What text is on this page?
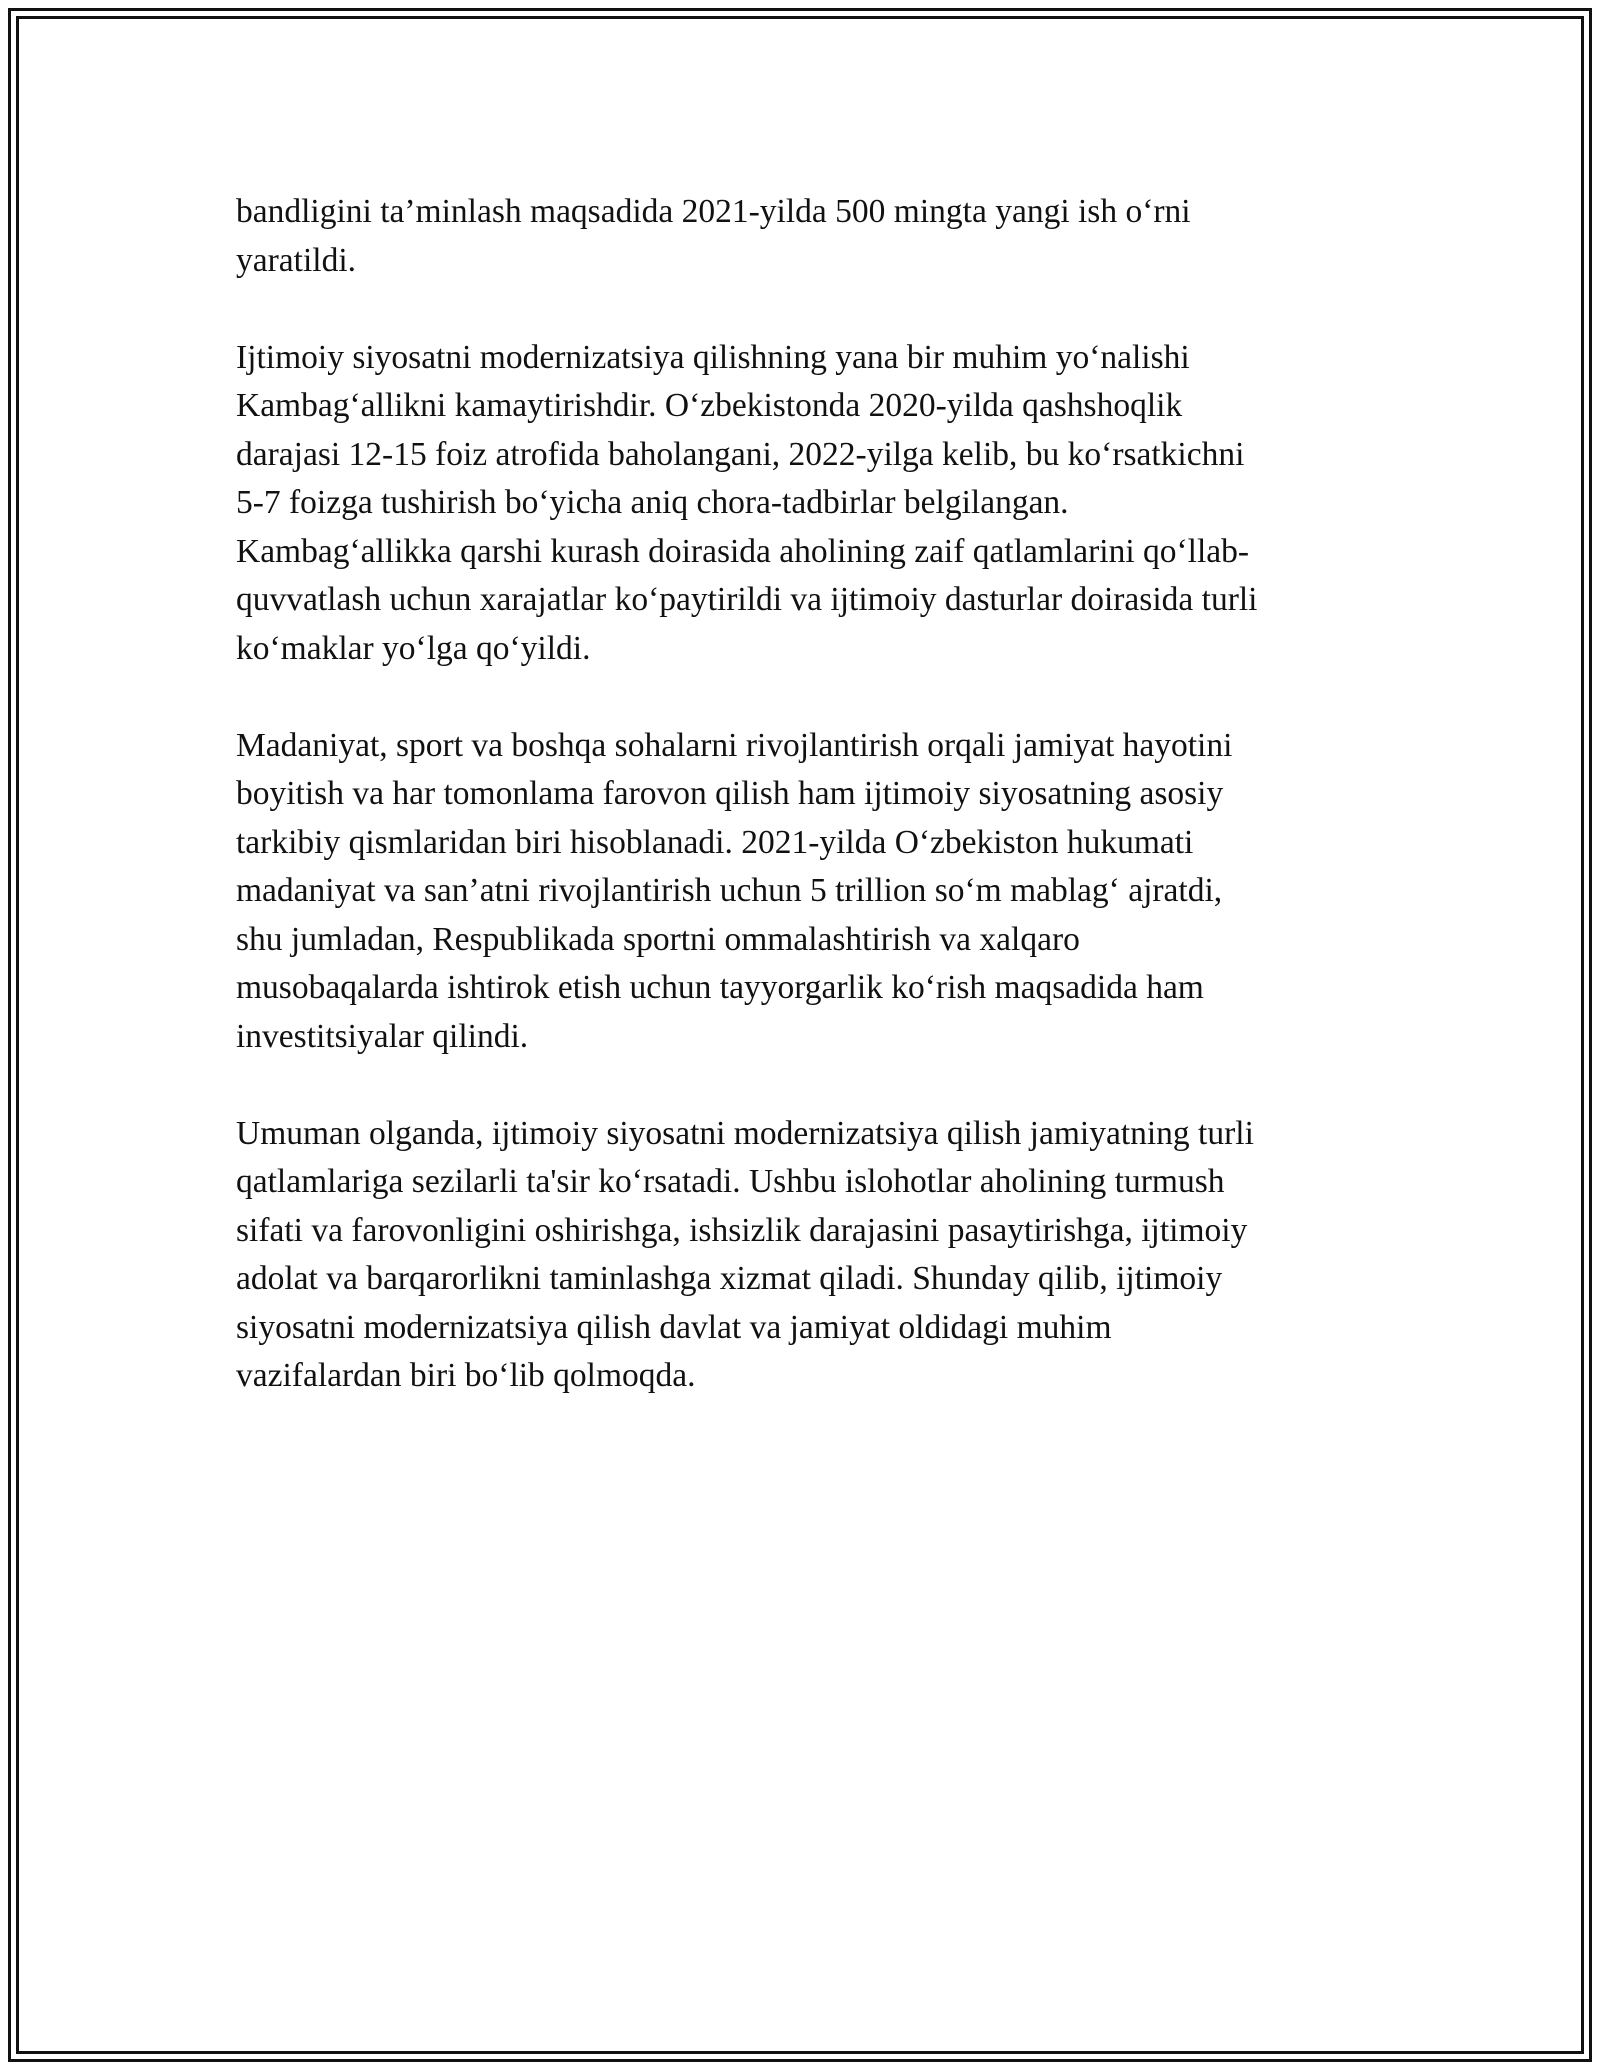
bandligini ta’minlash maqsadida 2021-yilda 500 mingta yangi ish o‘rni
yaratildi.

Ijtimoiy siyosatni modernizatsiya qilishning yana bir muhim yo‘nalishi
Kambag‘allikni kamaytirishdir. O‘zbekistonda 2020-yilda qashshoqlik
darajasi 12-15 foiz atrofida baholangani, 2022-yilga kelib, bu ko‘rsatkichni
5-7 foizga tushirish bo‘yicha aniq chora-tadbirlar belgilangan.
Kambag‘allikka qarshi kurash doirasida aholining zaif qatlamlarini qo‘llab-
quvvatlash uchun xarajatlar ko‘paytirildi va ijtimoiy dasturlar doirasida turli
ko‘maklar yo‘lga qo‘yildi.

Madaniyat, sport va boshqa sohalarni rivojlantirish orqali jamiyat hayotini
boyitish va har tomonlama farovon qilish ham ijtimoiy siyosatning asosiy
tarkibiy qismlaridan biri hisoblanadi. 2021-yilda O‘zbekiston hukumati
madaniyat va san’atni rivojlantirish uchun 5 trillion so‘m mablag‘ ajratdi,
shu jumladan, Respublikada sportni ommalashtirish va xalqaro
musobaqalarda ishtirok etish uchun tayyorgarlik ko‘rish maqsadida ham
investitsiyalar qilindi.

Umuman olganda, ijtimoiy siyosatni modernizatsiya qilish jamiyatning turli
qatlamlariga sezilarli ta'sir ko‘rsatadi. Ushbu islohotlar aholining turmush
sifati va farovonligini oshirishga, ishsizlik darajasini pasaytirishga, ijtimoiy
adolat va barqarorlikni taminlashga xizmat qiladi. Shunday qilib, ijtimoiy
siyosatni modernizatsiya qilish davlat va jamiyat oldidagi muhim
vazifalardan biri bo‘lib qolmoqda.
